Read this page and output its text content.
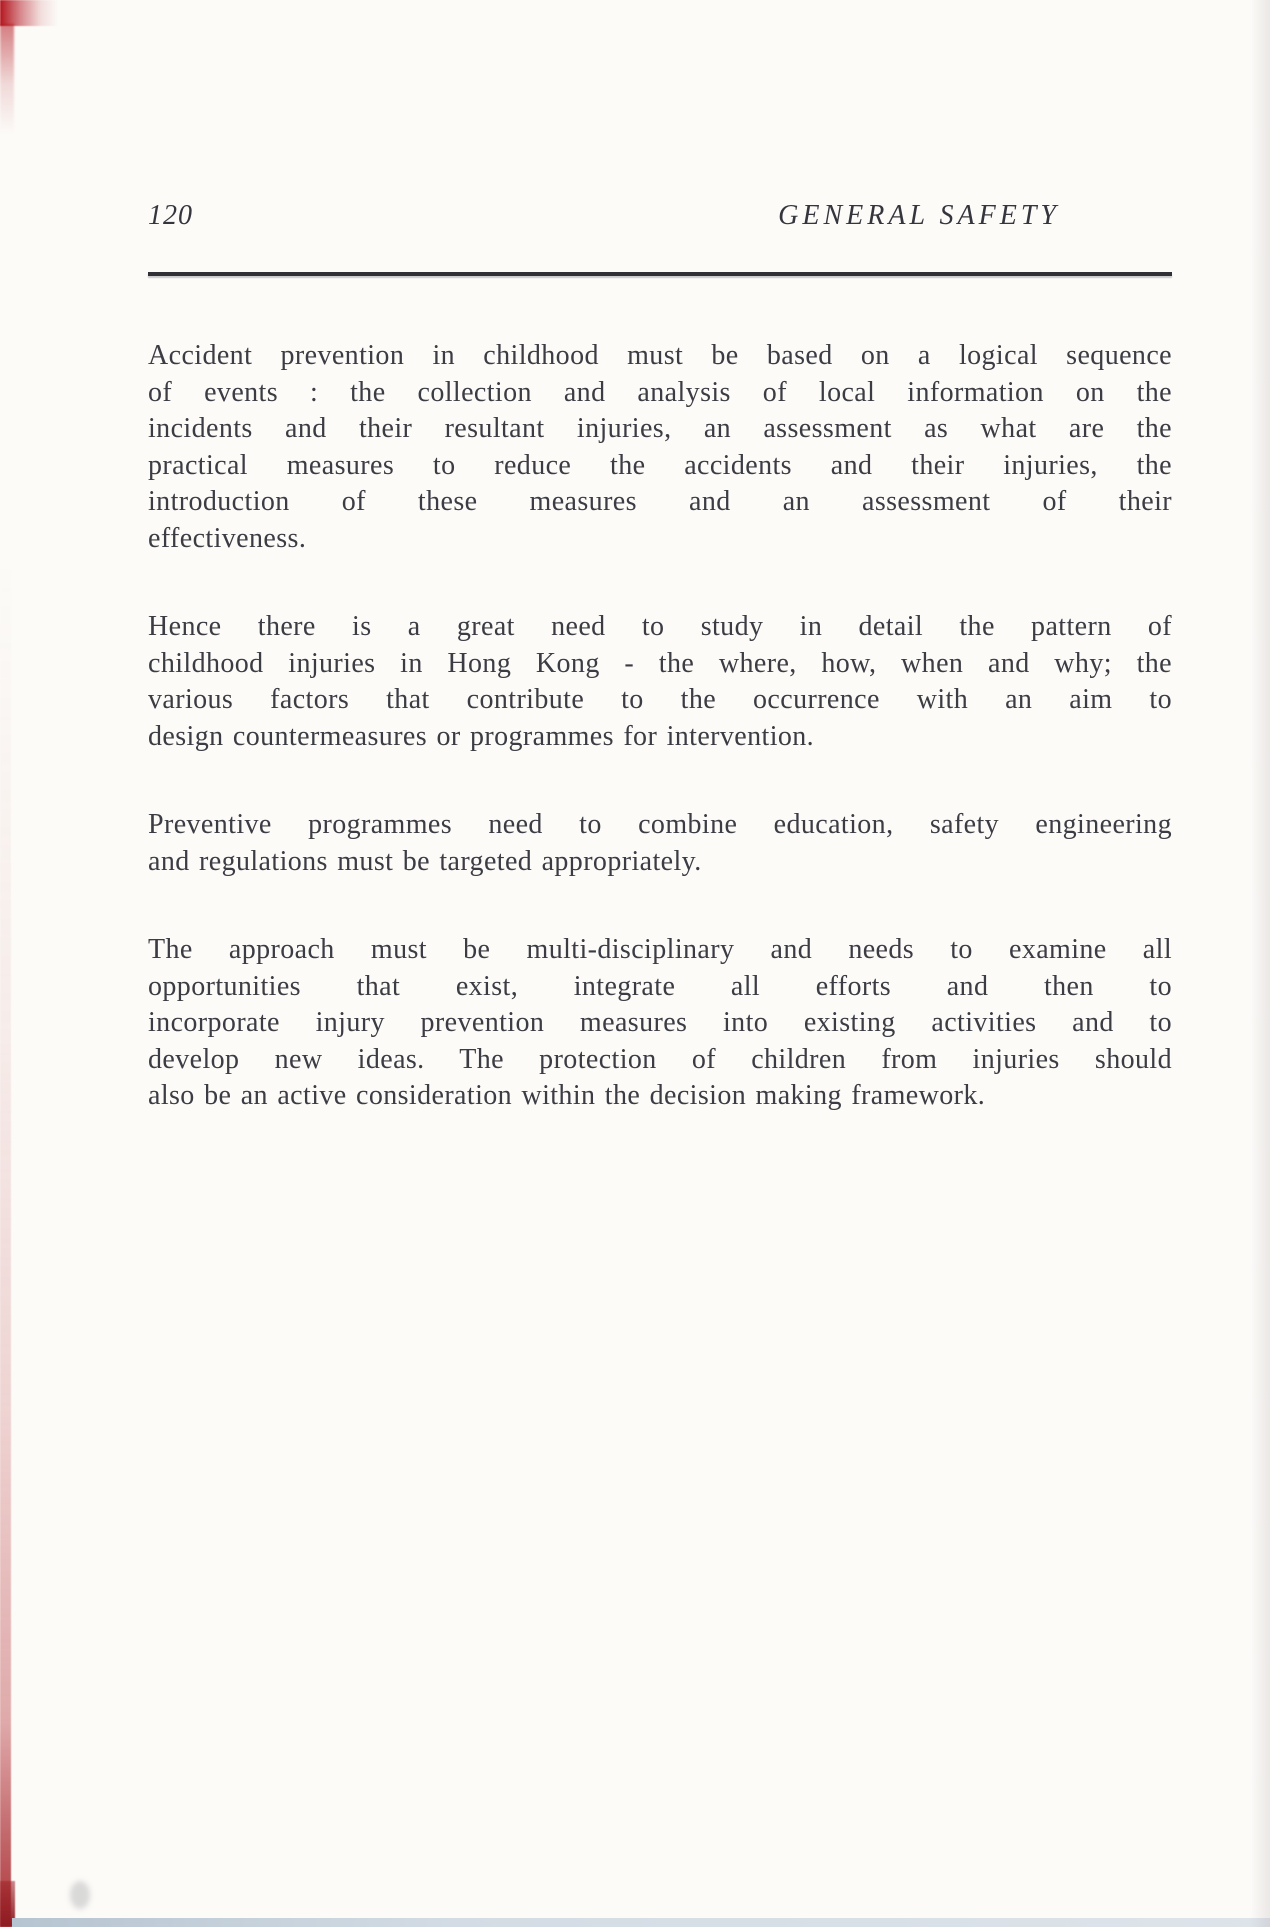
120	GENERAL SAFETY
Accident prevention in childhood must be based on a logical sequence
of events : the collection and analysis of local information on the
incidents and their resultant injuries, an assessment as what are the
practical measures to reduce the accidents and their injuries, the
introduction of these measures and an assessment of their
effectiveness.
Hence there is a great need to study in detail the pattern of
childhood injuries in Hong Kong - the where, how, when and why; the
various factors that contribute to the occurrence with an aim to
design countermeasures or programmes for intervention.
Preventive programmes need to combine education, safety engineering
and regulations must be targeted appropriately.
The approach must be multi-disciplinary and needs to examine all
opportunities that exist, integrate all efforts and then to
incorporate injury prevention measures into existing activities and to
develop new ideas. The protection of children from injuries should
also be an active consideration within the decision making framework.
